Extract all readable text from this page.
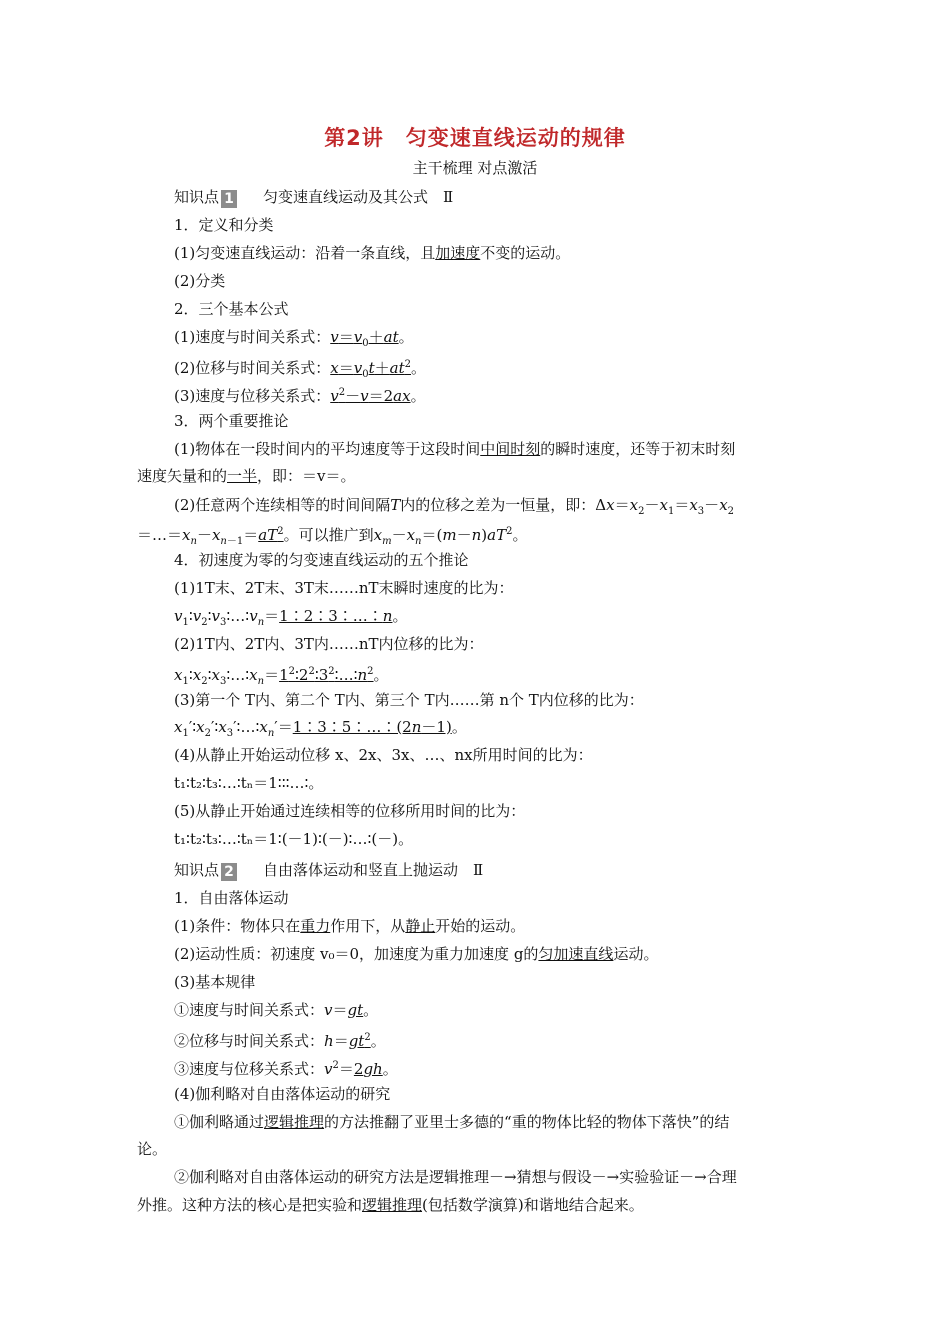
第2讲　匀变速直线运动的规律
主干梳理 对点激活
知识点 1 匀变速直线运动及其公式　Ⅱ
1．定义和分类
(1)匀变速直线运动：沿着一条直线，且加速度不变的运动。
(2)分类
2．三个基本公式
(1)速度与时间关系式：$v=v_0+at$。
(2)位移与时间关系式：$x=v_0t+at^2$。
(3)速度与位移关系式：$v^2-v=2ax$。
3．两个重要推论
(1)物体在一段时间内的平均速度等于这段时间中间时刻的瞬时速度，还等于初末时刻
速度矢量和的一半，即：＝v＝。
(2)任意两个连续相等的时间间隔T内的位移之差为一恒量，即：$\Delta x=x_2-x_1=x_3-x_2$
$=\dots=x_n-x_{n-1}=aT^2$。可以推广到$x_m-x_n=(m-n)aT^2$。
4．初速度为零的匀变速直线运动的五个推论
(1)1T末、2T末、3T末……nT末瞬时速度的比为：
$v_1∶v_2∶v_3∶\dots∶v_n=1∶2∶3∶\dots∶n$。
(2)1T内、2T内、3T内……nT内位移的比为：
$x_1∶x_2∶x_3∶\dots∶x_n=1^2∶2^2∶3^2∶\dots∶n^2$。
(3)第一个 T内、第二个 T内、第三个 T内……第 n个 T内位移的比为：
$x_1'∶x_2'∶x_3'∶\dots∶x_n'=1∶3∶5∶\dots∶(2n-1)$。
(4)从静止开始运动位移 x、2x、3x、…、nx所用时间的比为：
t₁∶t₂∶t₃∶…∶tₙ＝1∶∶∶…∶。
(5)从静止开始通过连续相等的位移所用时间的比为：
t₁∶t₂∶t₃∶…∶tₙ＝1∶(－1)∶(－)∶…∶(－)。
知识点 2 自由落体运动和竖直上抛运动　Ⅱ
1．自由落体运动
(1)条件：物体只在重力作用下，从静止开始的运动。
(2)运动性质：初速度 v₀＝0，加速度为重力加速度 g的匀加速直线运动。
(3)基本规律
①速度与时间关系式：v＝gt。
②位移与时间关系式：$h=gt^2$。
③速度与位移关系式：$v^2=2gh$。
(4)伽利略对自由落体运动的研究
①伽利略通过逻辑推理的方法推翻了亚里士多德的“重的物体比轻的物体下落快”的结
论。
②伽利略对自由落体运动的研究方法是逻辑推理－→猜想与假设－→实验验证－→合理
外推。这种方法的核心是把实验和逻辑推理(包括数学演算)和谐地结合起来。
